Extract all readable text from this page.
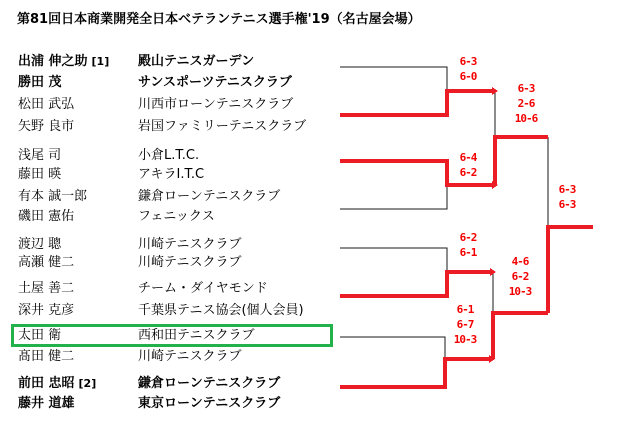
第81回日本商業開発全日本ベテランテニス選手権'19（名古屋会場）
出浦 伸之助 [1] 殿山テニスガーデン
勝田 茂	サンスポーツテニスクラブ
松田 武弘	川西市ローンテニスクラブ
矢野 良市	岩国ファミリーテニスクラブ
浅尾 司	小倉L.T.C.
藤田 暎	アキラI.T.C
有本 誠一郎	鎌倉ローンテニスクラブ
磯田 憲佑	フェニックス
渡辺 聰	川崎テニスクラブ
高瀬 健二	川崎テニスクラブ
土屋 善二	チーム・ダイヤモンド
深井 克彦	千葉県テニス協会(個人会員)
太田 衛	西和田テニスクラブ
髙田 健二	川崎テニスクラブ
前田 忠昭 [2]	鎌倉ローンテニスクラブ
藤井 道雄	東京ローンテニスクラブ
6-3
6-0
6-4
6-2
6-2
6-1
6-1
6-7
10-3
6-3
2-6
10-6
4-6
6-2
10-3
6-3
6-3
